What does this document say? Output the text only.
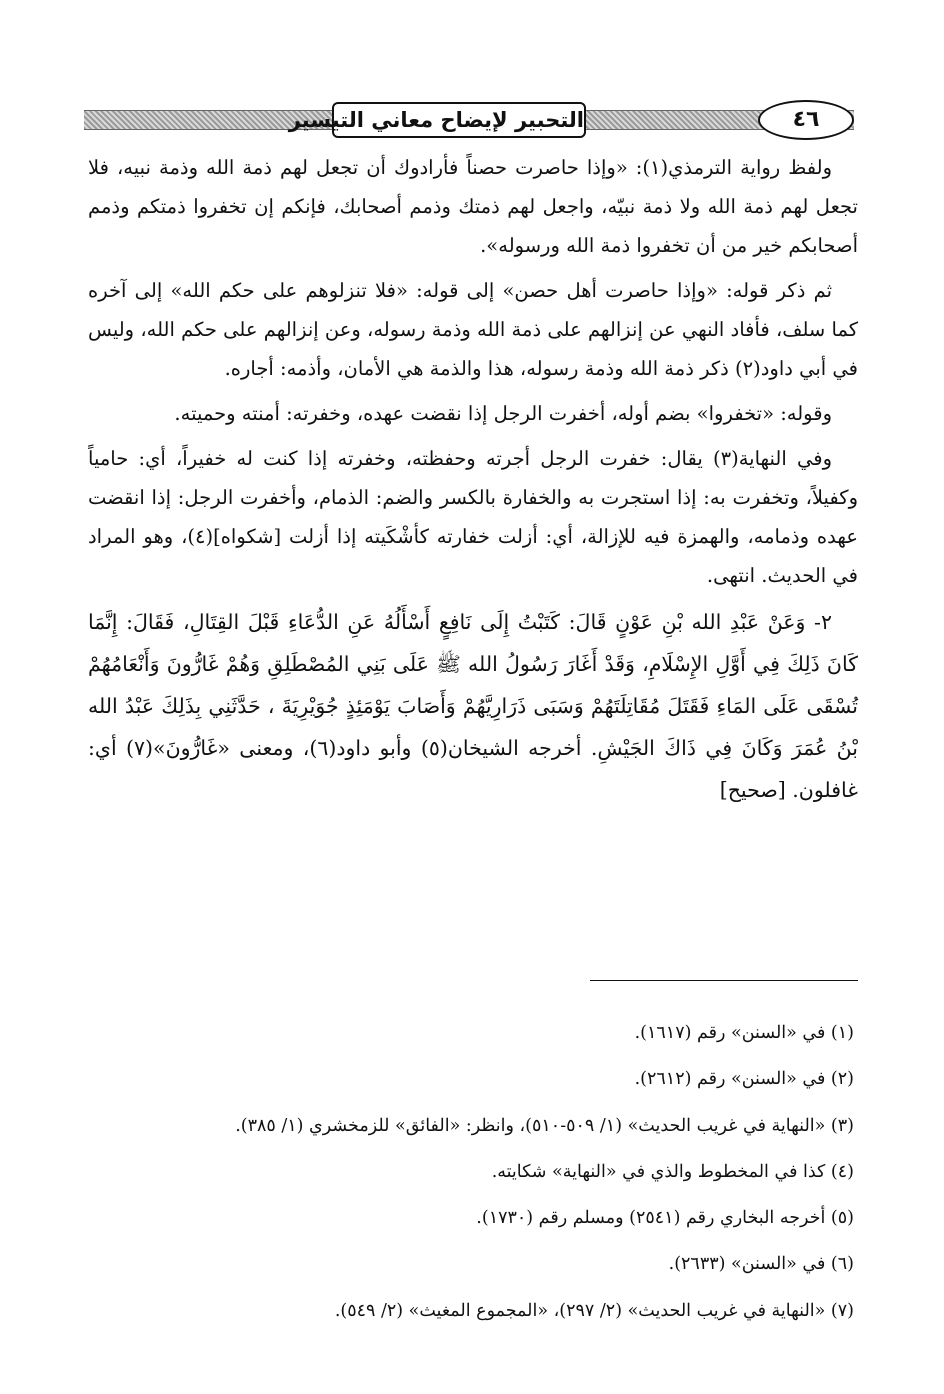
التحبير لإيضاح معاني التيسير	٤٦

ولفظ رواية الترمذي(١): «وإذا حاصرت حصناً فأرادوك أن تجعل لهم ذمة الله وذمة نبيه، فلا تجعل لهم ذمة الله ولا ذمة نبيّه، واجعل لهم ذمتك وذمم أصحابك، فإنكم إن تخفروا ذمتكم وذمم أصحابكم خير من أن تخفروا ذمة الله ورسوله».

ثم ذكر قوله: «وإذا حاصرت أهل حصن» إلى قوله: «فلا تنزلوهم على حكم الله» إلى آخره كما سلف، فأفاد النهي عن إنزالهم على ذمة الله وذمة رسوله، وعن إنزالهم على حكم الله، وليس في أبي داود(٢) ذكر ذمة الله وذمة رسوله، هذا والذمة هي الأمان، وأذمه: أجاره.

وقوله: «تخفروا» بضم أوله، أخفرت الرجل إذا نقضت عهده، وخفرته: أمنته وحميته.

وفي النهاية(٣) يقال: خفرت الرجل أجرته وحفظته، وخفرته إذا كنت له خفيراً، أي: حامياً وكفيلاً، وتخفرت به: إذا استجرت به والخفارة بالكسر والضم: الذمام، وأخفرت الرجل: إذا انقضت عهده وذمامه، والهمزة فيه للإزالة، أي: أزلت خفارته كأشْكَيته إذا أزلت [شكواه](٤)، وهو المراد في الحديث. انتهى.

٢- وَعَنْ عَبْدِ الله بْنِ عَوْنٍ قَالَ: كَتَبْتُ إِلَى نَافِعٍ أَسْأَلُهُ عَنِ الدُّعَاءِ قَبْلَ القِتَالِ، فَقَالَ: إِنَّمَا كَانَ ذَلِكَ فِي أَوَّلِ الإِسْلَامِ، وَقَدْ أَغَارَ رَسُولُ الله ﷺ عَلَى بَنِي المُصْطَلِقِ وَهُمْ غَارُّونَ وَأَنْعَامُهُمْ تُسْقَى عَلَى المَاءِ فَقَتَلَ مُقَاتِلَتَهُمْ وَسَبَى ذَرَارِيَّهُمْ وَأَصَابَ يَوْمَئِذٍ جُوَيْرِيَةَ ، حَدَّثَنِي بِذَلِكَ عَبْدُ الله بْنُ عُمَرَ وَكَانَ فِي ذَاكَ الجَيْشِ. أخرجه الشيخان(٥) وأبو داود(٦)، ومعنى «غَارُّونَ»(٧) أي: غافلون. [صحيح]

(١) في «السنن» رقم (١٦١٧).

(٢) في «السنن» رقم (٢٦١٢).

(٣) «النهاية في غريب الحديث» (١/ ٥٠٩-٥١٠)، وانظر: «الفائق» للزمخشري (١/ ٣٨٥).

(٤) كذا في المخطوط والذي في «النهاية» شكايته.

(٥) أخرجه البخاري رقم (٢٥٤١) ومسلم رقم (١٧٣٠).

(٦) في «السنن» (٢٦٣٣).

(٧) «النهاية في غريب الحديث» (٢/ ٢٩٧)، «المجموع المغيث» (٢/ ٥٤٩).
